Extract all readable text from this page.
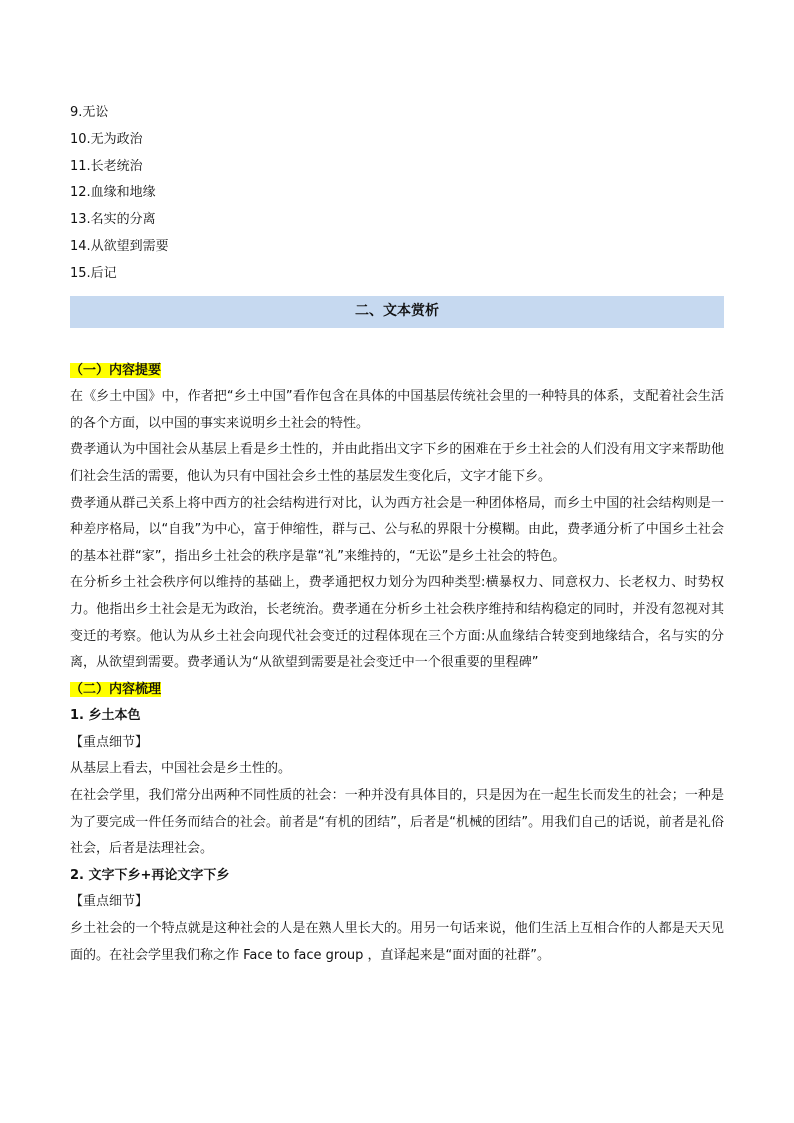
9.无讼
10.无为政治
11.长老统治
12.血缘和地缘
13.名实的分离
14.从欲望到需要
15.后记
二、文本赏析
（一）内容提要
在《乡土中国》中，作者把“乡土中国”看作包含在具体的中国基层传统社会里的一种特具的体系，支配着社会生活的各个方面，以中国的事实来说明乡土社会的特性。
费孝通认为中国社会从基层上看是乡土性的，并由此指出文字下乡的困难在于乡土社会的人们没有用文字来帮助他们社会生活的需要，他认为只有中国社会乡土性的基层发生变化后，文字才能下乡。
费孝通从群己关系上将中西方的社会结构进行对比，认为西方社会是一种团体格局，而乡土中国的社会结构则是一种差序格局，以“自我”为中心，富于伸缩性，群与己、公与私的界限十分模糊。由此，费孝通分析了中国乡土社会的基本社群“家”，指出乡土社会的秩序是靠“礼”来维持的，“无讼”是乡土社会的特色。
在分析乡土社会秩序何以维持的基础上，费孝通把权力划分为四种类型:横暴权力、同意权力、长老权力、时势权力。他指出乡土社会是无为政治，长老统治。费孝通在分析乡土社会秩序维持和结构稳定的同时，并没有忽视对其变迁的考察。他认为从乡土社会向现代社会变迁的过程体现在三个方面:从血缘结合转变到地缘结合，名与实的分离，从欲望到需要。费孝通认为“从欲望到需要是社会变迁中一个很重要的里程碑”
（二）内容梳理
1. 乡土本色
【重点细节】
从基层上看去，中国社会是乡土性的。
在社会学里，我们常分出两种不同性质的社会：一种并没有具体目的，只是因为在一起生长而发生的社会；一种是为了要完成一件任务而结合的社会。前者是“有机的团结”，后者是“机械的团结”。用我们自己的话说，前者是礼俗社会，后者是法理社会。
2. 文字下乡+再论文字下乡
【重点细节】
乡土社会的一个特点就是这种社会的人是在熟人里长大的。用另一句话来说，他们生活上互相合作的人都是天天见面的。在社会学里我们称之作 Face to face group ，直译起来是“面对面的社群”。
